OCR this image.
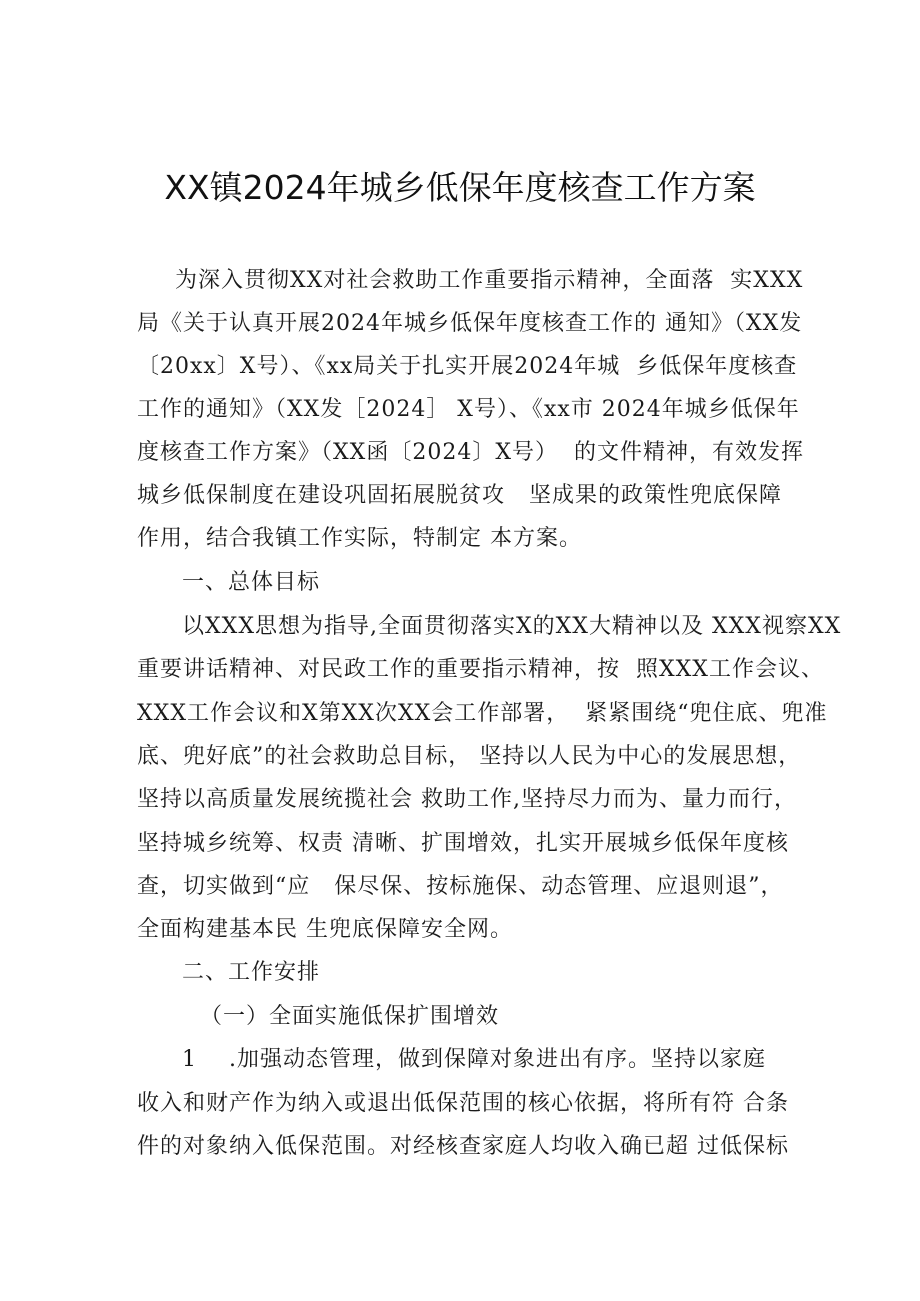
XX镇2024年城乡低保年度核查工作方案
为深入贯彻XX对社会救助工作重要指示精神，全面落  实XXX
局《关于认真开展2024年城乡低保年度核查工作的 通知》（XX发
〔20xx〕X号）、《xx局关于扎实开展2024年城  乡低保年度核查
工作的通知》（XX发［2024］ X号）、《xx市 2024年城乡低保年
度核查工作方案》（XX函〔2024〕X号）  的文件精神，有效发挥
城乡低保制度在建设巩固拓展脱贫攻   坚成果的政策性兜底保障
作用，结合我镇工作实际，特制定 本方案。
一、总体目标
以XXX思想为指导,全面贯彻落实X的XX大精神以及 XXX视察XX
重要讲话精神、对民政工作的重要指示精神，按  照XXX工作会议、
XXX工作会议和X第XX次XX会工作部署，  紧紧围绕“兜住底、兜准
底、兜好底”的社会救助总目标， 坚持以人民为中心的发展思想，
坚持以高质量发展统揽社会 救助工作,坚持尽力而为、量力而行，
坚持城乡统筹、权责 清晰、扩围增效，扎实开展城乡低保年度核
查，切实做到“应   保尽保、按标施保、动态管理、应退则退”，
全面构建基本民 生兜底保障安全网。
二、工作安排
（一）全面实施低保扩围增效
1    .加强动态管理，做到保障对象进出有序。坚持以家庭
收入和财产作为纳入或退出低保范围的核心依据，将所有符 合条
件的对象纳入低保范围。对经核查家庭人均收入确已超 过低保标
